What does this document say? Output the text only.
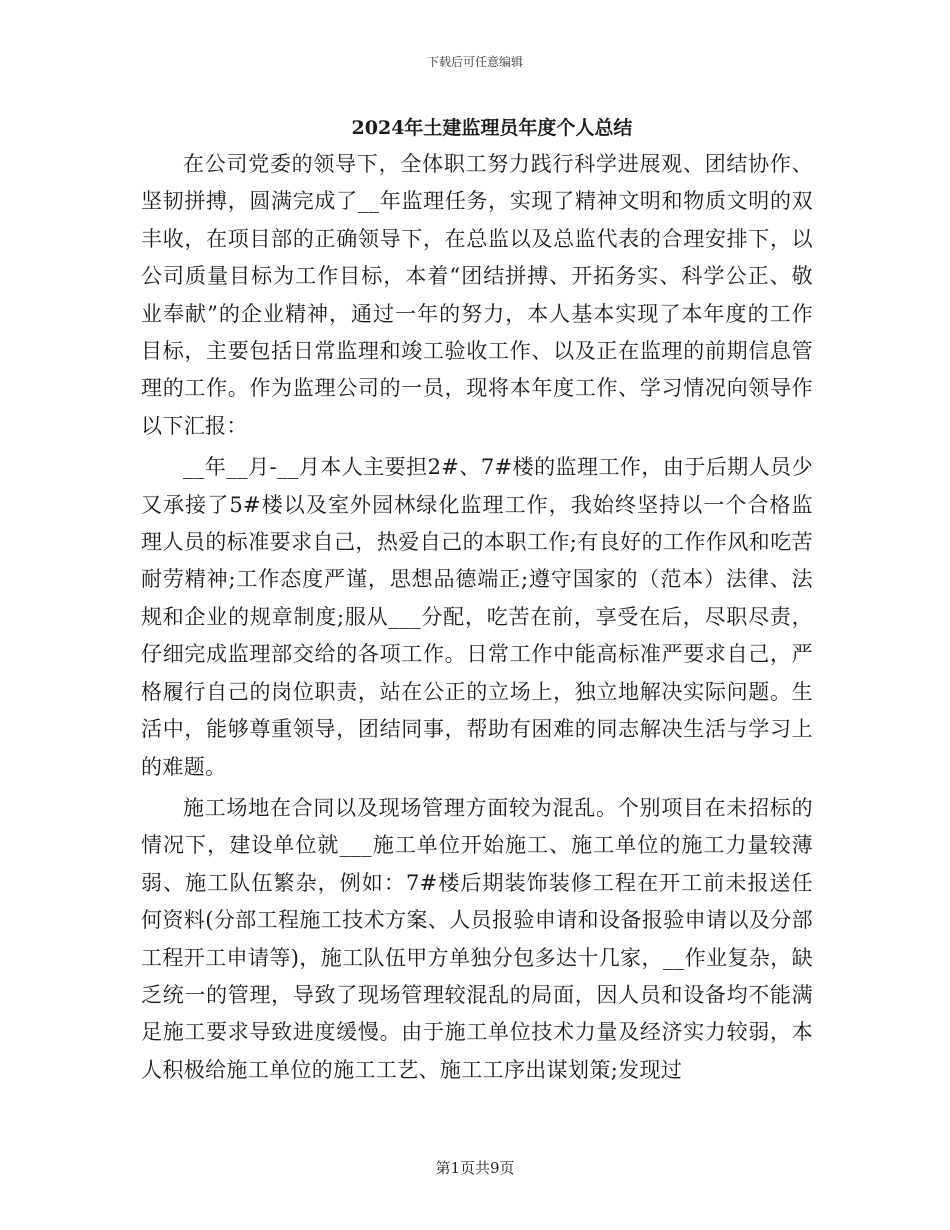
下载后可任意编辑
2024年土建监理员年度个人总结

在公司党委的领导下，全体职工努力践行科学进展观、团结协作、坚韧拼搏，圆满完成了__年监理任务，实现了精神文明和物质文明的双丰收，在项目部的正确领导下，在总监以及总监代表的合理安排下，以公司质量目标为工作目标，本着“团结拼搏、开拓务实、科学公正、敬业奉献”的企业精神，通过一年的努力，本人基本实现了本年度的工作目标，主要包括日常监理和竣工验收工作、以及正在监理的前期信息管理的工作。作为监理公司的一员，现将本年度工作、学习情况向领导作以下汇报：

__年__月-__月本人主要担2#、7#楼的监理工作，由于后期人员少又承接了5#楼以及室外园林绿化监理工作，我始终坚持以一个合格监理人员的标准要求自己，热爱自己的本职工作;有良好的工作作风和吃苦耐劳精神;工作态度严谨，思想品德端正;遵守国家的（范本）法律、法规和企业的规章制度;服从___分配，吃苦在前，享受在后，尽职尽责，仔细完成监理部交给的各项工作。日常工作中能高标准严要求自己，严格履行自己的岗位职责，站在公正的立场上，独立地解决实际问题。生活中，能够尊重领导，团结同事，帮助有困难的同志解决生活与学习上的难题。

施工场地在合同以及现场管理方面较为混乱。个别项目在未招标的情况下，建设单位就___施工单位开始施工、施工单位的施工力量较薄弱、施工队伍繁杂，例如：7#楼后期装饰装修工程在开工前未报送任何资料(分部工程施工技术方案、人员报验申请和设备报验申请以及分部工程开工申请等)，施工队伍甲方单独分包多达十几家，__作业复杂，缺乏统一的管理，导致了现场管理较混乱的局面，因人员和设备均不能满足施工要求导致进度缓慢。由于施工单位技术力量及经济实力较弱，本人积极给施工单位的施工工艺、施工工序出谋划策;发现过

第1页共9页
